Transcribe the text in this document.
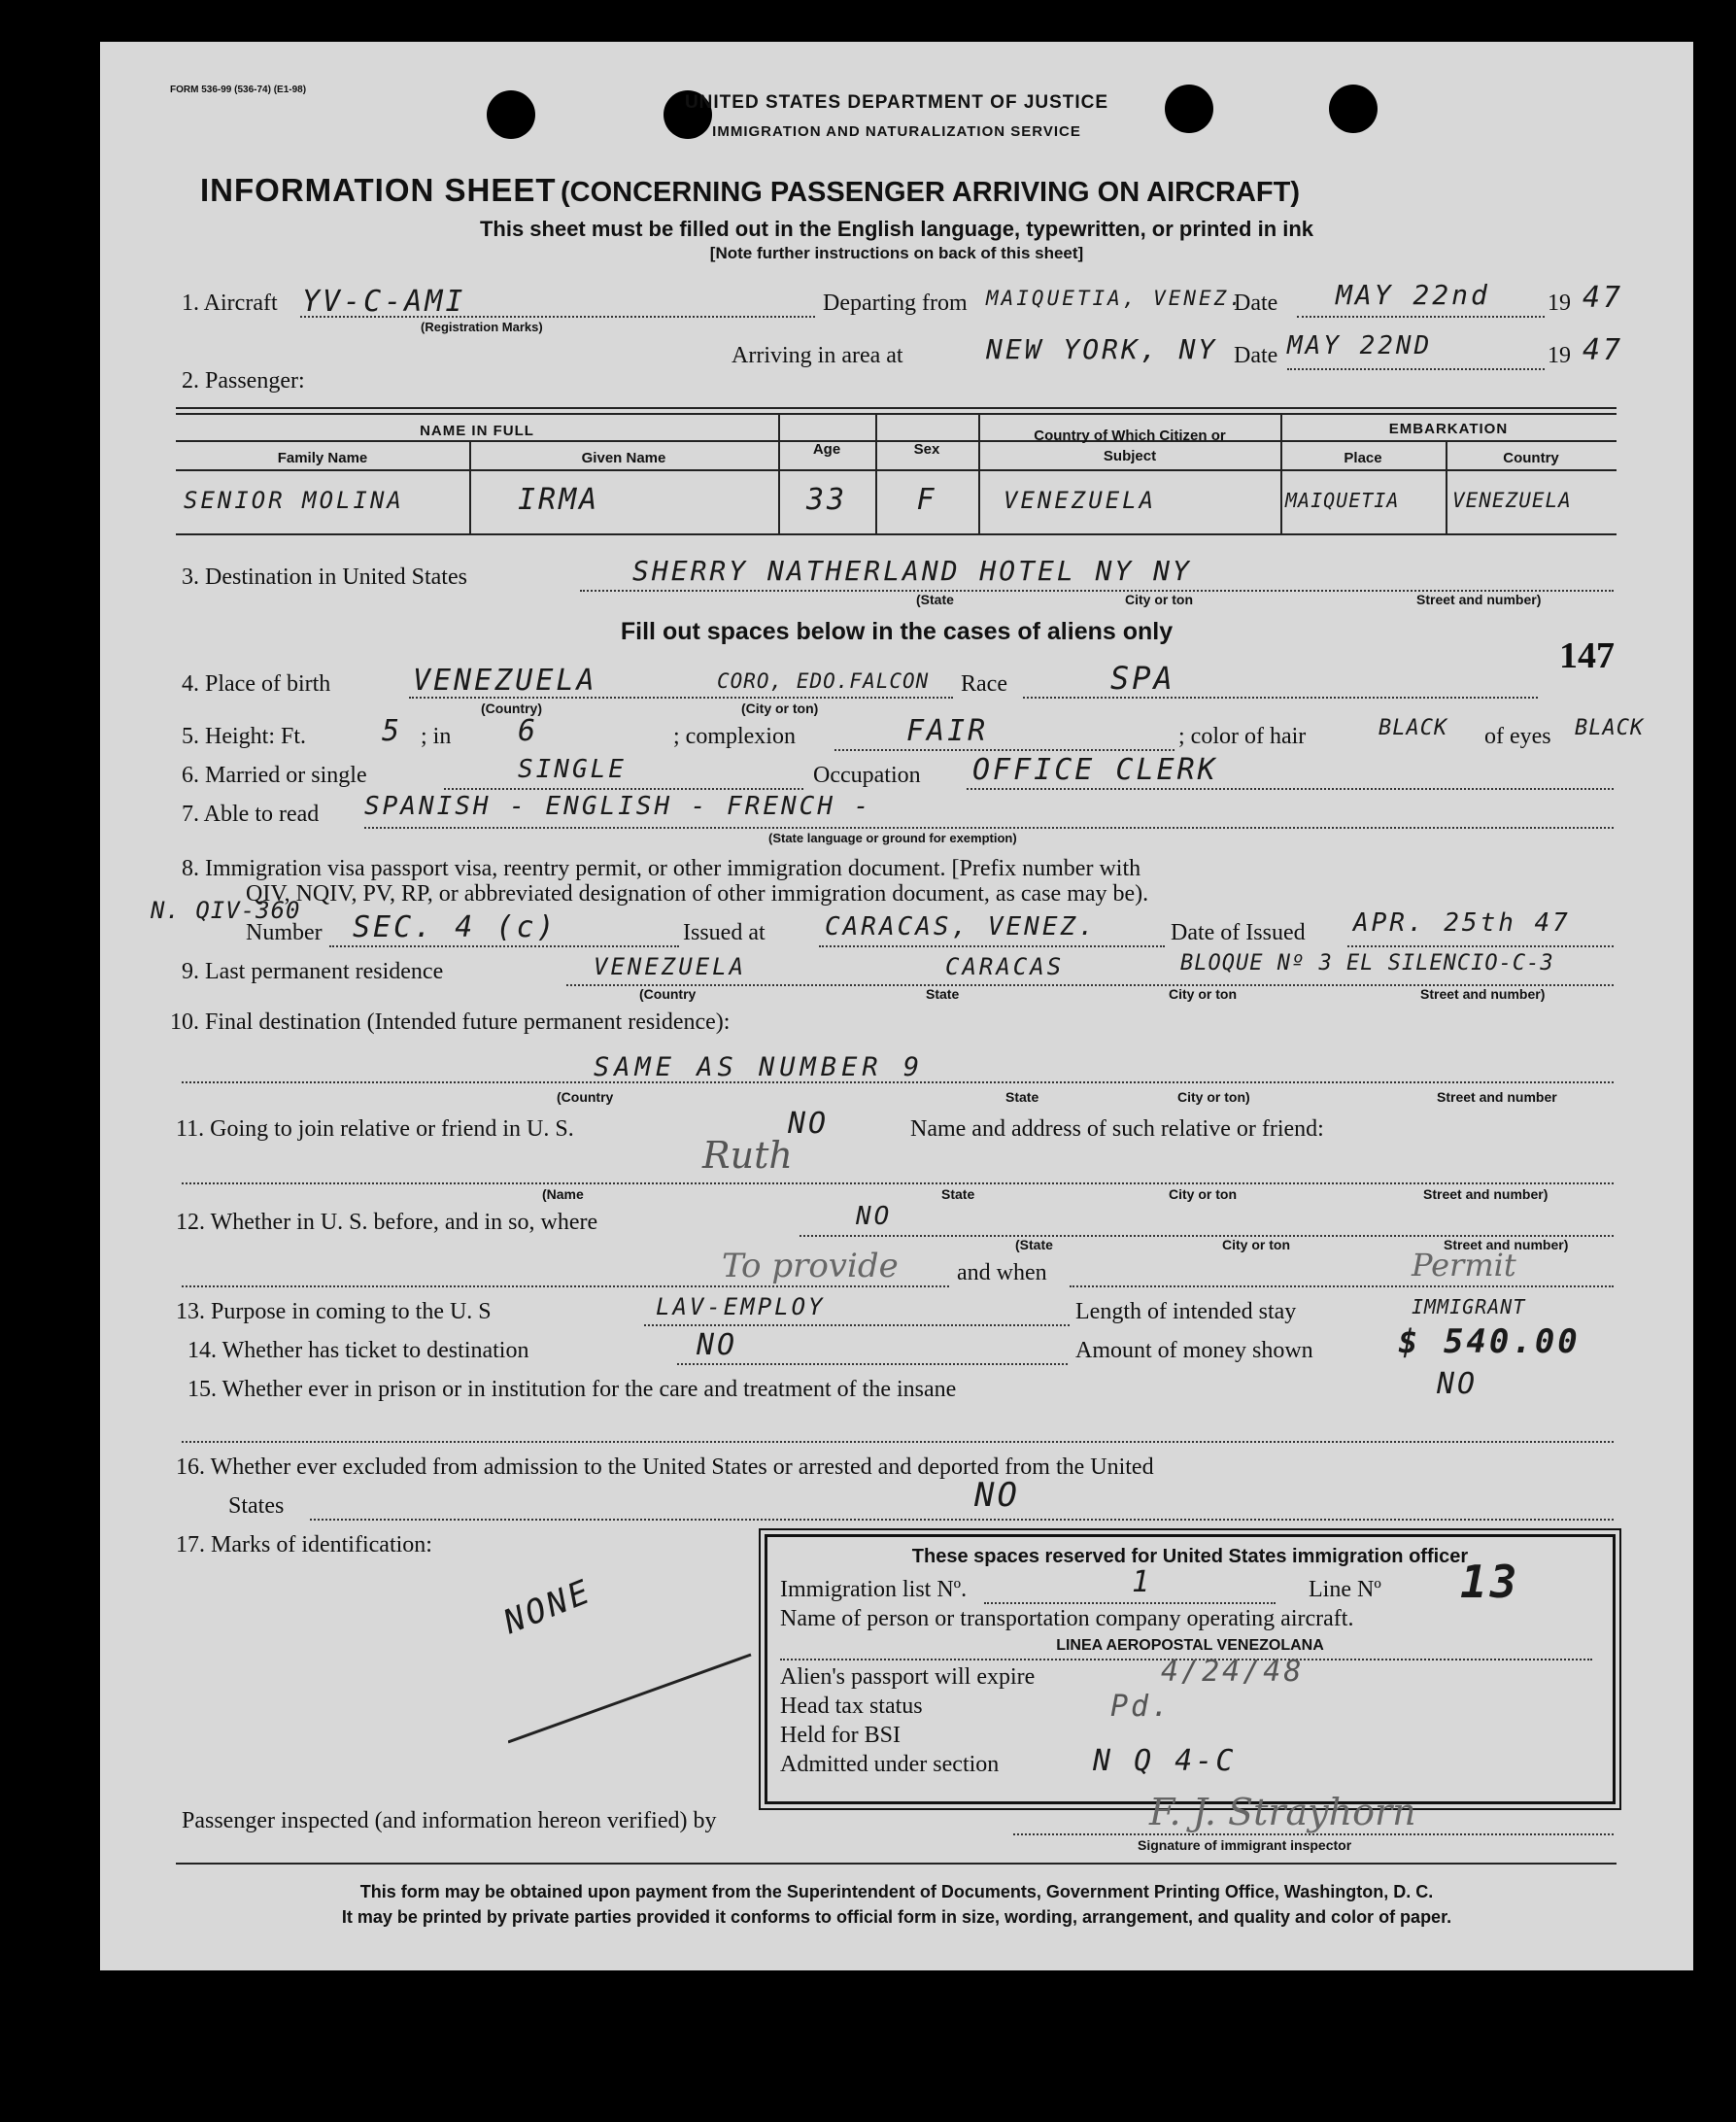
FORM 536-99 (536-74) (E1-98)
UNITED STATES DEPARTMENT OF JUSTICE
IMMIGRATION AND NATURALIZATION SERVICE
INFORMATION SHEET (CONCERNING PASSENGER ARRIVING ON AIRCRAFT)
This sheet must be filled out in the English language, typewritten, or printed in ink
[Note further instructions on back of this sheet]
1. Aircraft YV-C-AMI
(Registration Marks)
Departing from MAIQUETIA, VENEZ.
Date MAY 22nd 19 47
Arriving in area at	NEW YORK, NY Date MAY 22ND	19 47
2. Passenger:
NAME IN FULL
Family Name	Given Name
Age	Sex
Country of Which Citizen or Subject
EMBARKATION
Place	Country
SENIOR MOLINA	IRMA	33	F	VENEZUELA	MAIQUETIA	VENEZUELA
3. Destination in United States	SHERRY NATHERLAND HOTEL NY NY
(State	City or ton	Street and number)
Fill out spaces below in the cases of aliens only
147
4. Place of birth	VENEZUELA	CORO, EDO.FALCON
(Country)	(City or ton)
Race	SPA
5. Height: Ft.	5 ; in 6	; complexion	FAIR	; color of hair	BLACK of eyes BLACK
6. Married or single	SINGLE	Occupation OFFICE CLERK
7. Able to read SPANISH - ENGLISH - FRENCH -
(State language or ground for exemption)
8. Immigration visa passport visa, reentry permit, or other immigration document. [Prefix number with
QIV, NQIV, PV, RP, or abbreviated designation of other immigration document, as case may be).
N. QIV-360
Number SEC. 4 (c)	Issued at CARACAS, VENEZ.	Date of Issued APR. 25th 47
9. Last permanent residence	VENEZUELA	CARACAS	BLOQUE Nº 3 EL SILENCIO-C-3
(Country	State	City or ton	Street and number)
10. Final destination (Intended future permanent residence):
SAME AS NUMBER 9
(Country	State	City or ton)	Street and number
11. Going to join relative or friend in U. S.	NO	Name and address of such relative or friend:
Ruth
(Name	State	City or ton	Street and number)
12. Whether in U. S. before, and in so, where	NO
(State	City or ton	Street and number)
To provide	and when	Permit
13. Purpose in coming to the U. S	LAV-EMPLOY	Length of intended stay	IMMIGRANT
14. Whether has ticket to destination	NO	Amount of money shown	$ 540.00
15. Whether ever in prison or in institution for the care and treatment of the insane	NO
16. Whether ever excluded from admission to the United States or arrested and deported from the United
States	NO
17. Marks of identification:
NONE
These spaces reserved for United States immigration officer
Immigration list Nº.	1	Line Nº 13
Name of person or transportation company operating aircraft.
LINEA AEROPOSTAL VENEZOLANA
Alien's passport will expire	4/24/48
Head tax status	Pd.
Held for BSI
Admitted under section	N Q 4-C
Passenger inspected (and information hereon verified) by	F. J. Strayhorn
Signature of immigrant inspector
This form may be obtained upon payment from the Superintendent of Documents, Government Printing Office, Washington, D. C.
It may be printed by private parties provided it conforms to official form in size, wording, arrangement, and quality and color of paper.
